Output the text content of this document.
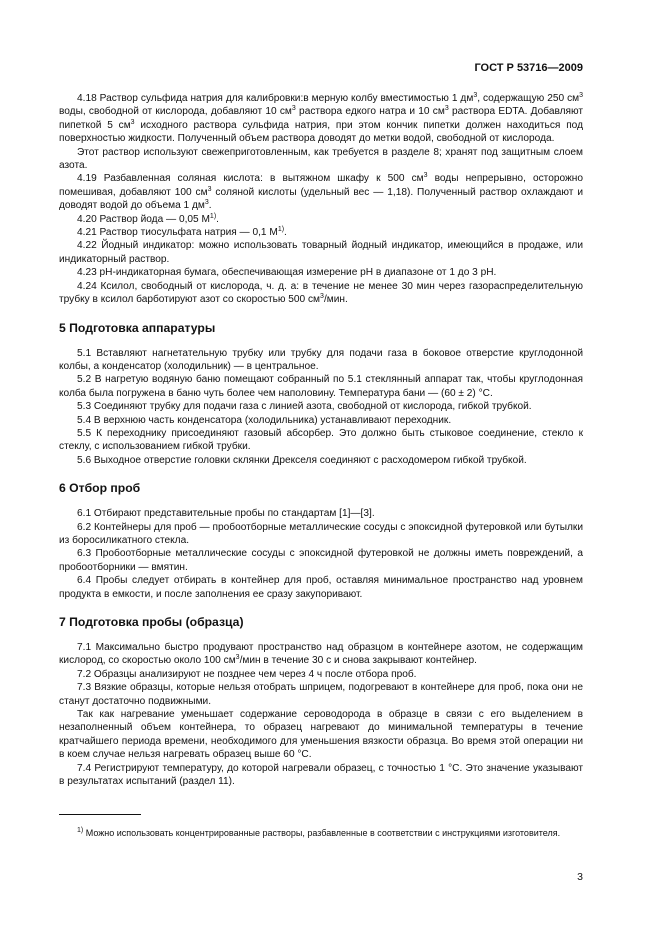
ГОСТ Р 53716—2009

4.18 Раствор сульфида натрия для калибровки:в мерную колбу вместимостью 1 $дм^3$, содержащую 250 $см^3$ воды, свободной от кислорода, добавляют 10 $см^3$ раствора едкого натра и 10 $см^3$ раствора EDTA. Добавляют пипеткой 5 $см^3$ исходного раствора сульфида натрия, при этом кончик пипетки должен находиться под поверхностью жидкости. Полученный объем раствора доводят до метки водой, свободной от кислорода.

Этот раствор используют свежеприготовленным, как требуется в разделе 8; хранят под защитным слоем азота.

4.19 Разбавленная соляная кислота: в вытяжном шкафу к 500 $см^3$ воды непрерывно, осторожно помешивая, добавляют 100 $см^3$ соляной кислоты (удельный вес — 1,18). Полученный раствор охлаждают и доводят водой до объема 1 $дм^3$.

4.20 Раствор йода — 0,05 $М^{1)}$.

4.21 Раствор тиосульфата натрия — 0,1 $М^{1)}$.

4.22 Йодный индикатор: можно использовать товарный йодный индикатор, имеющийся в продаже, или индикаторный раствор.

4.23 рН-индикаторная бумага, обеспечивающая измерение рН в диапазоне от 1 до 3 рН.

4.24 Ксилол, свободный от кислорода, ч. д. а: в течение не менее 30 мин через газораспределительную трубку в ксилол барботируют азот со скоростью 500 $см^3$/мин.

5 Подготовка аппаратуры

5.1 Вставляют нагнетательную трубку или трубку для подачи газа в боковое отверстие круглодонной колбы, а конденсатор (холодильник) — в центральное.

5.2 В нагретую водяную баню помещают собранный по 5.1 стеклянный аппарат так, чтобы круглодонная колба была погружена в баню чуть более чем наполовину. Температура бани — (60 ± 2) °С.

5.3 Соединяют трубку для подачи газа с линией азота, свободной от кислорода, гибкой трубкой.

5.4 В верхнюю часть конденсатора (холодильника) устанавливают переходник.

5.5 К переходнику присоединяют газовый абсорбер. Это должно быть стыковое соединение, стекло к стеклу, с использованием гибкой трубки.

5.6 Выходное отверстие головки склянки Дрекселя соединяют с расходомером гибкой трубкой.

6 Отбор проб

6.1 Отбирают представительные пробы по стандартам [1]—[3].

6.2 Контейнеры для проб — пробоотборные металлические сосуды с эпоксидной футеровкой или бутылки из боросиликатного стекла.

6.3 Пробоотборные металлические сосуды с эпоксидной футеровкой не должны иметь повреждений, а пробоотборники — вмятин.

6.4 Пробы следует отбирать в контейнер для проб, оставляя минимальное пространство над уровнем продукта в емкости, и после заполнения ее сразу закупоривают.

7 Подготовка пробы (образца)

7.1 Максимально быстро продувают пространство над образцом в контейнере азотом, не содержащим кислород, со скоростью около 100 $см^3$/мин в течение 30 с и снова закрывают контейнер.

7.2 Образцы анализируют не позднее чем через 4 ч после отбора проб.

7.3 Вязкие образцы, которые нельзя отобрать шприцем, подогревают в контейнере для проб, пока они не станут достаточно подвижными.

Так как нагревание уменьшает содержание сероводорода в образце в связи с его выделением в незаполненный объем контейнера, то образец нагревают до минимальной температуры в течение кратчайшего периода времени, необходимого для уменьшения вязкости образца. Во время этой операции ни в коем случае нельзя нагревать образец выше 60 °С.

7.4 Регистрируют температуру, до которой нагревали образец, с точностью 1 °С. Это значение указывают в результатах испытаний (раздел 11).

$^{1)}$ Можно использовать концентрированные растворы, разбавленные в соответствии с инструкциями изготовителя.

3
